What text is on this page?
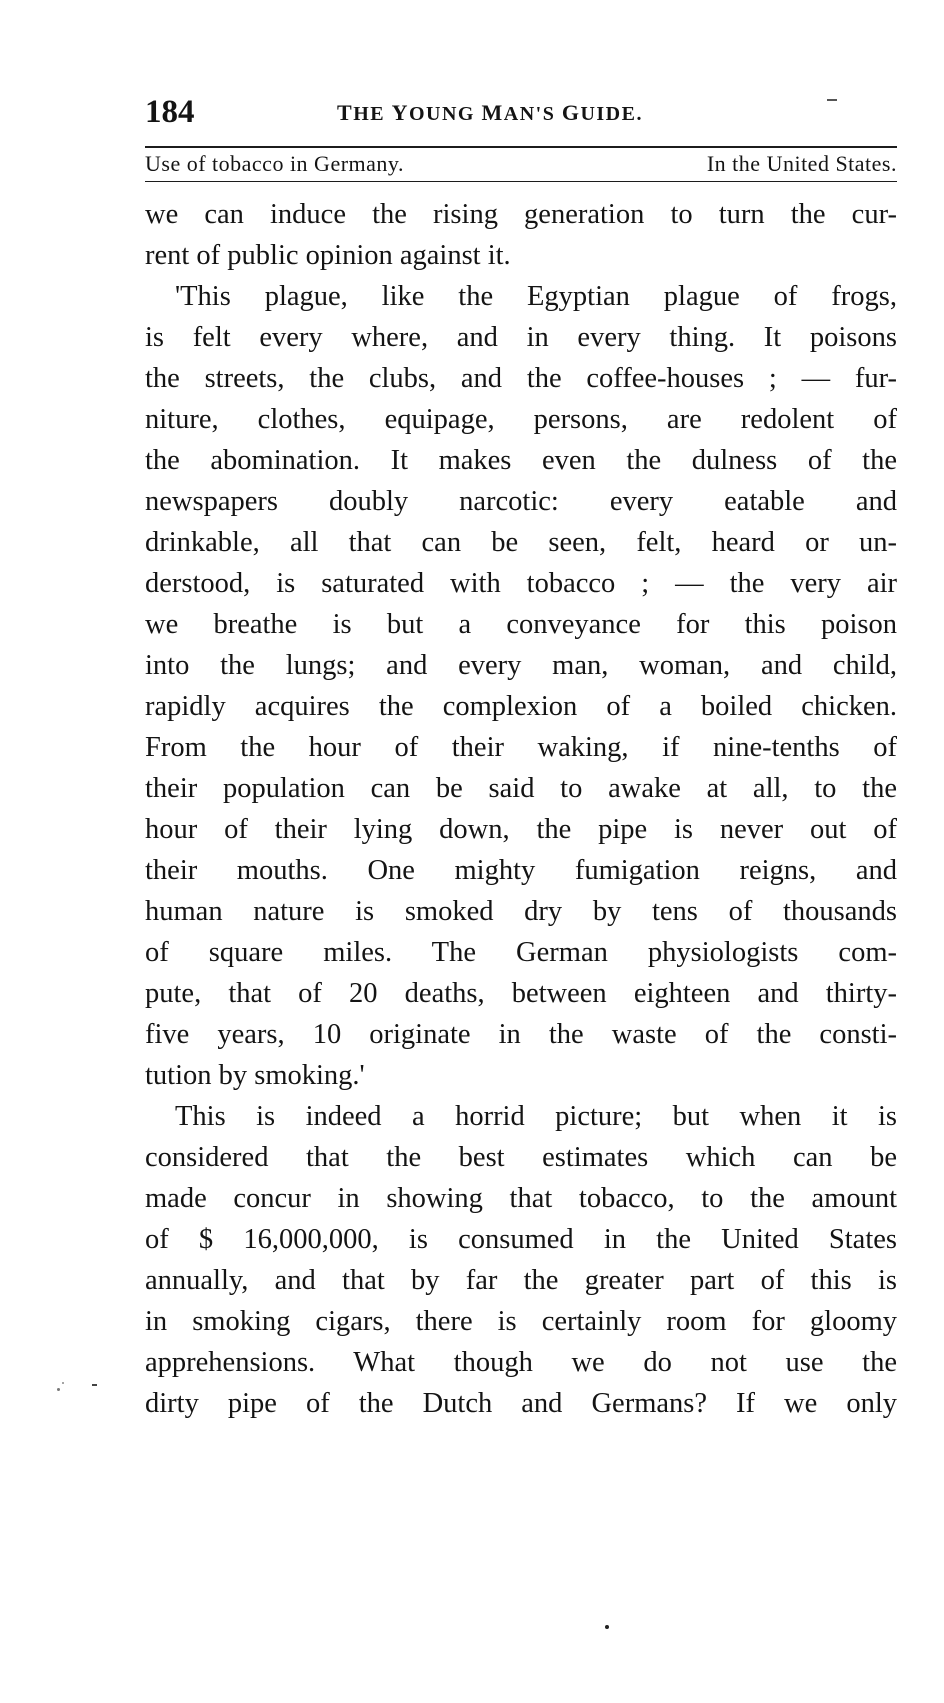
184	THE YOUNG MAN'S GUIDE.
Use of tobacco in Germany.	In the United States.
we can induce the rising generation to turn the cur-
rent of public opinion against it.
'This plague, like the Egyptian plague of frogs,
is felt every where, and in every thing. It poisons
the streets, the clubs, and the coffee-houses ; — fur-
niture, clothes, equipage, persons, are redolent of
the abomination. It makes even the dulness of the
newspapers doubly narcotic: every eatable and
drinkable, all that can be seen, felt, heard or un-
derstood, is saturated with tobacco ; — the very air
we breathe is but a conveyance for this poison
into the lungs; and every man, woman, and child,
rapidly acquires the complexion of a boiled chicken.
From the hour of their waking, if nine-tenths of
their population can be said to awake at all, to the
hour of their lying down, the pipe is never out of
their mouths. One mighty fumigation reigns, and
human nature is smoked dry by tens of thousands
of square miles. The German physiologists com-
pute, that of 20 deaths, between eighteen and thirty-
five years, 10 originate in the waste of the consti-
tution by smoking.'
This is indeed a horrid picture; but when it is
considered that the best estimates which can be
made concur in showing that tobacco, to the amount
of $ 16,000,000, is consumed in the United States
annually, and that by far the greater part of this is
in smoking cigars, there is certainly room for gloomy
apprehensions. What though we do not use the
dirty pipe of the Dutch and Germans? If we only
